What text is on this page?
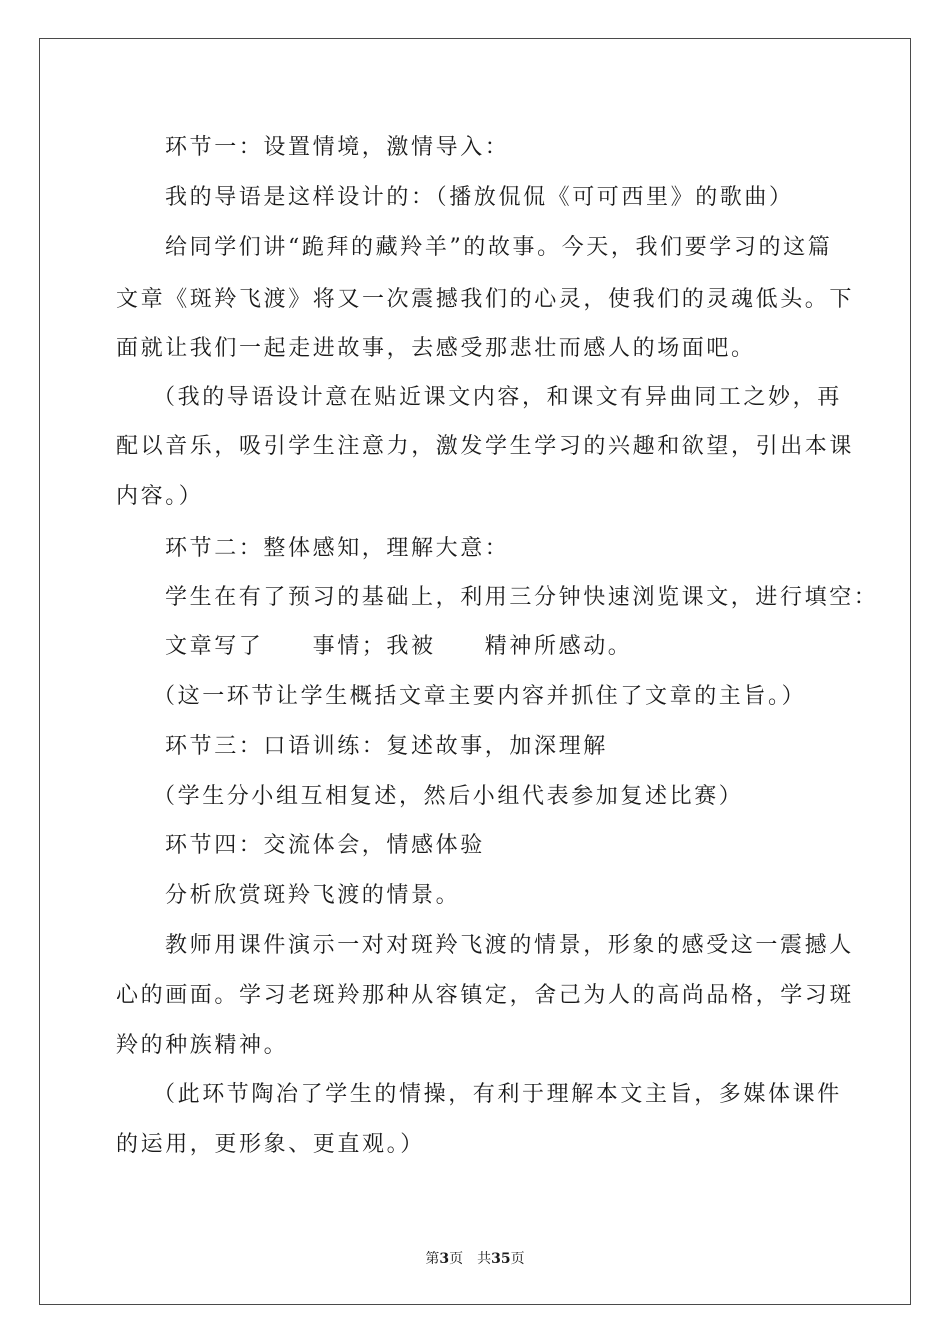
环节一：设置情境，激情导入：
我的导语是这样设计的：（播放侃侃《可可西里》的歌曲）
给同学们讲“跪拜的藏羚羊”的故事。今天，我们要学习的这篇
文章《斑羚飞渡》将又一次震撼我们的心灵，使我们的灵魂低头。下
面就让我们一起走进故事，去感受那悲壮而感人的场面吧。
（我的导语设计意在贴近课文内容，和课文有异曲同工之妙，再
配以音乐，吸引学生注意力，激发学生学习的兴趣和欲望，引出本课
内容。）
环节二：整体感知，理解大意：
学生在有了预习的基础上，利用三分钟快速浏览课文，进行填空：
文章写了　　事情；我被　　精神所感动。
（这一环节让学生概括文章主要内容并抓住了文章的主旨。）
环节三：口语训练：复述故事，加深理解
（学生分小组互相复述，然后小组代表参加复述比赛）
环节四：交流体会，情感体验
分析欣赏斑羚飞渡的情景。
教师用课件演示一对对斑羚飞渡的情景，形象的感受这一震撼人
心的画面。学习老斑羚那种从容镇定，舍己为人的高尚品格，学习斑
羚的种族精神。
（此环节陶冶了学生的情操，有利于理解本文主旨，多媒体课件
的运用，更形象、更直观。）
第3页　共35页
